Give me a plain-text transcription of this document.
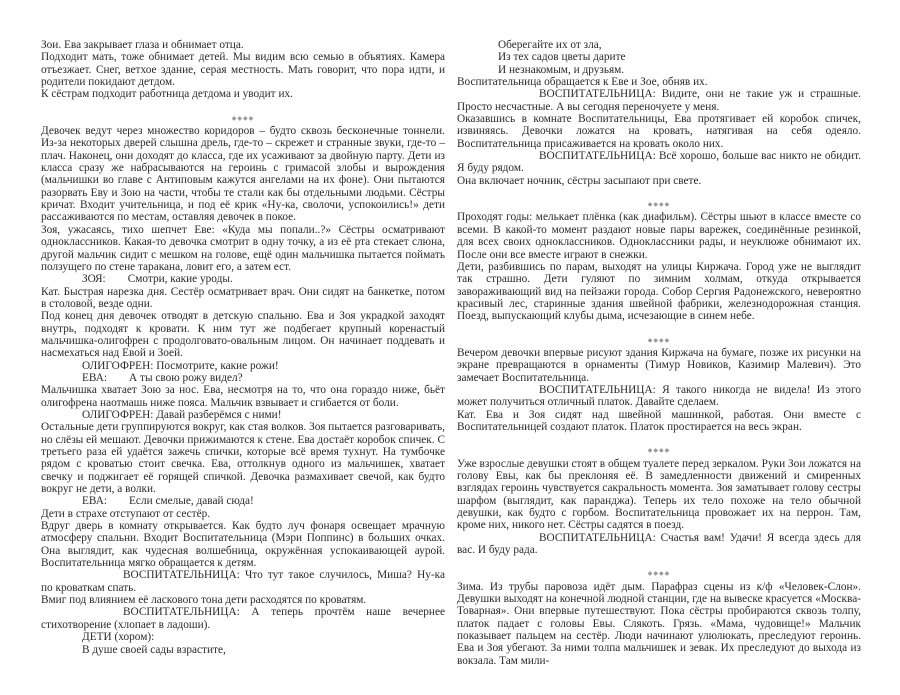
Зои. Ева закрывает глаза и обнимает отца.

Подходит мать, тоже обнимает детей. Мы видим всю семью в объятиях. Камера отъезжает. Снег, ветхое здание, серая местность. Мать говорит, что пора идти, и родители покидают детдом.

К сёстрам подходит работница детдома и уводит их.

◆◆◆◆

Девочек ведут через множество коридоров – будто сквозь бесконечные тоннели. Из-за некоторых дверей слышна дрель, где-то – скрежет и странные звуки, где-то – плач. Наконец, они доходят до класса, где их усаживают за двойную парту. Дети из класса сразу же набрасываются на героинь с гримасой злобы и вырождения (мальчишки во главе с Антиповым кажутся ангелами на их фоне). Они пытаются разорвать Еву и Зою на части, чтобы те стали как бы отдельными людьми. Сёстры кричат. Входит учительница, и под её крик «Ну-ка, сволочи, успокоились!» дети рассаживаются по местам, оставляя девочек в покое.

Зоя, ужасаясь, тихо шепчет Еве: «Куда мы попали..?» Сёстры осматривают одноклассников. Какая-то девочка смотрит в одну точку, а из её рта стекает слюна, другой мальчик сидит с мешком на голове, ещё один мальчишка пытается поймать ползущего по стене таракана, ловит его, а затем ест.

ЗОЯ: Смотри, какие уроды.

Кат. Быстрая нарезка дня. Сестёр осматривает врач. Они сидят на банкетке, потом в столовой, везде одни.

Под конец дня девочек отводят в детскую спальню. Ева и Зоя украдкой заходят внутрь, подходят к кровати. К ним тут же подбегает крупный коренастый мальчишка-олигофрен с продолговато-овальным лицом. Он начинает поддевать и насмехаться над Евой и Зоей.

ОЛИГОФРЕН: Посмотрите, какие рожи!

ЕВА: А ты свою рожу видел?

Мальчишка хватает Зою за нос. Ева, несмотря на то, что она гораздо ниже, бьёт олигофрена наотмашь ниже пояса. Мальчик взвывает и сгибается от боли.

ОЛИГОФРЕН: Давай разберёмся с ними!

Остальные дети группируются вокруг, как стая волков. Зоя пытается разговаривать, но слёзы ей мешают. Девочки прижимаются к стене. Ева достаёт коробок спичек. С третьего раза ей удаётся зажечь спички, которые всё время тухнут. На тумбочке рядом с кроватью стоит свечка. Ева, оттолкнув одного из мальчишек, хватает свечку и поджигает её горящей спичкой. Девочка размахивает свечой, как будто вокруг не дети, а волки.

ЕВА: Если смелые, давай сюда!

Дети в страхе отступают от сестёр.

Вдруг дверь в комнату открывается. Как будто луч фонаря освещает мрачную атмосферу спальни. Входит Воспитательница (Мэри Поппинс) в больших очках. Она выглядит, как чудесная волшебница, окружённая успокаивающей аурой. Воспитательница мягко обращается к детям.

ВОСПИТАТЕЛЬНИЦА: Что тут такое случилось, Миша? Ну-ка по кроваткам спать.

Вмиг под влиянием её ласкового тона дети расходятся по кроватям.

ВОСПИТАТЕЛЬНИЦА: А теперь прочтём наше вечернее стихотворение (хлопает в ладоши).

ДЕТИ (хором):

В душе своей сады взрастите,

Оберегайте их от зла,

Из тех садов цветы дарите

И незнакомым, и друзьям.

Воспитательница обращается к Еве и Зое, обняв их.

ВОСПИТАТЕЛЬНИЦА: Видите, они не такие уж и страшные. Просто несчастные. А вы сегодня переночуете у меня.

Оказавшись в комнате Воспитательницы, Ева протягивает ей коробок спичек, извиняясь. Девочки ложатся на кровать, натягивая на себя одеяло. Воспитательница присаживается на кровать около них.

ВОСПИТАТЕЛЬНИЦА: Всё хорошо, больше вас никто не обидит. Я буду рядом.

Она включает ночник, сёстры засыпают при свете.

◆◆◆◆

Проходят годы: мелькает плёнка (как диафильм). Сёстры шьют в классе вместе со всеми. В какой-то момент раздают новые пары варежек, соединённые резинкой, для всех своих одноклассников. Одноклассники рады, и неуклюже обнимают их. После они все вместе играют в снежки.

Дети, разбившись по парам, выходят на улицы Киржача. Город уже не выглядит так страшно. Дети гуляют по зимним холмам, откуда открывается завораживающий вид на пейзажи города. Собор Сергия Радонежского, невероятно красивый лес, старинные здания швейной фабрики, железнодорожная станция. Поезд, выпускающий клубы дыма, исчезающие в синем небе.

◆◆◆◆

Вечером девочки впервые рисуют здания Киржача на бумаге, позже их рисунки на экране превращаются в орнаменты (Тимур Новиков, Казимир Малевич). Это замечает Воспитательница.

ВОСПИТАТЕЛЬНИЦА: Я такого никогда не видела! Из этого может получиться отличный платок. Давайте сделаем.

Кат. Ева и Зоя сидят над швейной машинкой, работая. Они вместе с Воспитательницей создают платок. Платок простирается на весь экран.

◆◆◆◆

Уже взрослые девушки стоят в общем туалете перед зеркалом. Руки Зои ложатся на голову Евы, как бы преклоняя её. В замедленности движений и смиренных взглядах героинь чувствуется сакральность момента. Зоя заматывает голову сестры шарфом (выглядит, как паранджа). Теперь их тело похоже на тело обычной девушки, как будто с горбом. Воспитательница провожает их на перрон. Там, кроме них, никого нет. Сёстры садятся в поезд.

ВОСПИТАТЕЛЬНИЦА: Счастья вам! Удачи! Я всегда здесь для вас. И буду рада.

◆◆◆◆

Зима. Из трубы паровоза идёт дым. Парафраз сцены из к/ф «Человек-Слон». Девушки выходят на конечной людной станции, где на вывеске красуется «Москва-Товарная». Они впервые путешествуют. Пока сёстры пробираются сквозь толпу, платок падает с головы Евы. Слякоть. Грязь. «Мама, чудовище!» Мальчик показывает пальцем на сестёр. Люди начинают улюлюкать, преследуют героинь. Ева и Зоя убегают. За ними толпа мальчишек и зевак. Их преследуют до выхода из вокзала. Там мили-
